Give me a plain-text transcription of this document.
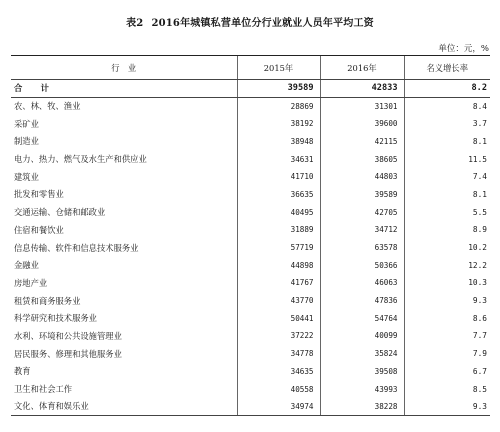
表2 2016年城镇私营单位分行业就业人员年平均工资
单位：元，%
行　业	2015年	2016年	名义增长率
合　计	39589	42833	8.2
农、林、牧、渔业	28869	31301	8.4
采矿业	38192	39600	3.7
制造业	38948	42115	8.1
电力、热力、燃气及水生产和供应业	34631	38605	11.5
建筑业	41710	44803	7.4
批发和零售业	36635	39589	8.1
交通运输、仓储和邮政业	40495	42705	5.5
住宿和餐饮业	31889	34712	8.9
信息传输、软件和信息技术服务业	57719	63578	10.2
金融业	44898	50366	12.2
房地产业	41767	46063	10.3
租赁和商务服务业	43770	47836	9.3
科学研究和技术服务业	50441	54764	8.6
水利、环境和公共设施管理业	37222	40099	7.7
居民服务、修理和其他服务业	34778	35824	7.9
教育	34635	39508	6.7
卫生和社会工作	40558	43993	8.5
文化、体育和娱乐业	34974	38228	9.3
